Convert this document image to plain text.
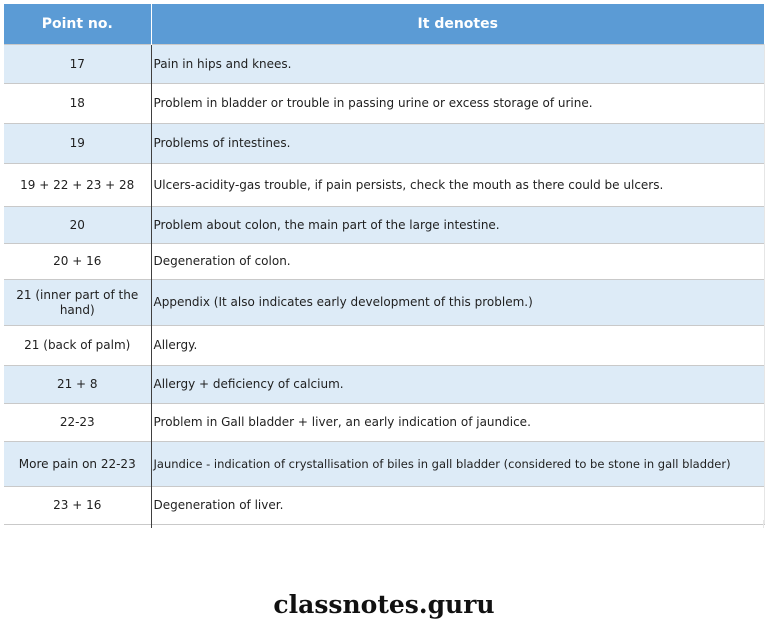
Point no.	It denotes
17	Pain in hips and knees.
18	Problem in bladder or trouble in passing urine or excess storage of urine.
19	Problems of intestines.
19 + 22 + 23 + 28	Ulcers-acidity-gas trouble, if pain persists, check the mouth as there could be ulcers.
20	Problem about colon, the main part of the large intestine.
20 + 16	Degeneration of colon.
21 (inner part of the hand)	Appendix (It also indicates early development of this problem.)
21 (back of palm)	Allergy.
21 + 8	Allergy + deficiency of calcium.
22-23	Problem in Gall bladder + liver, an early indication of jaundice.
More pain on 22-23	Jaundice - indication of crystallisation of biles in gall bladder (considered to be stone in gall bladder)
23 + 16	Degeneration of liver.
classnotes.guru
